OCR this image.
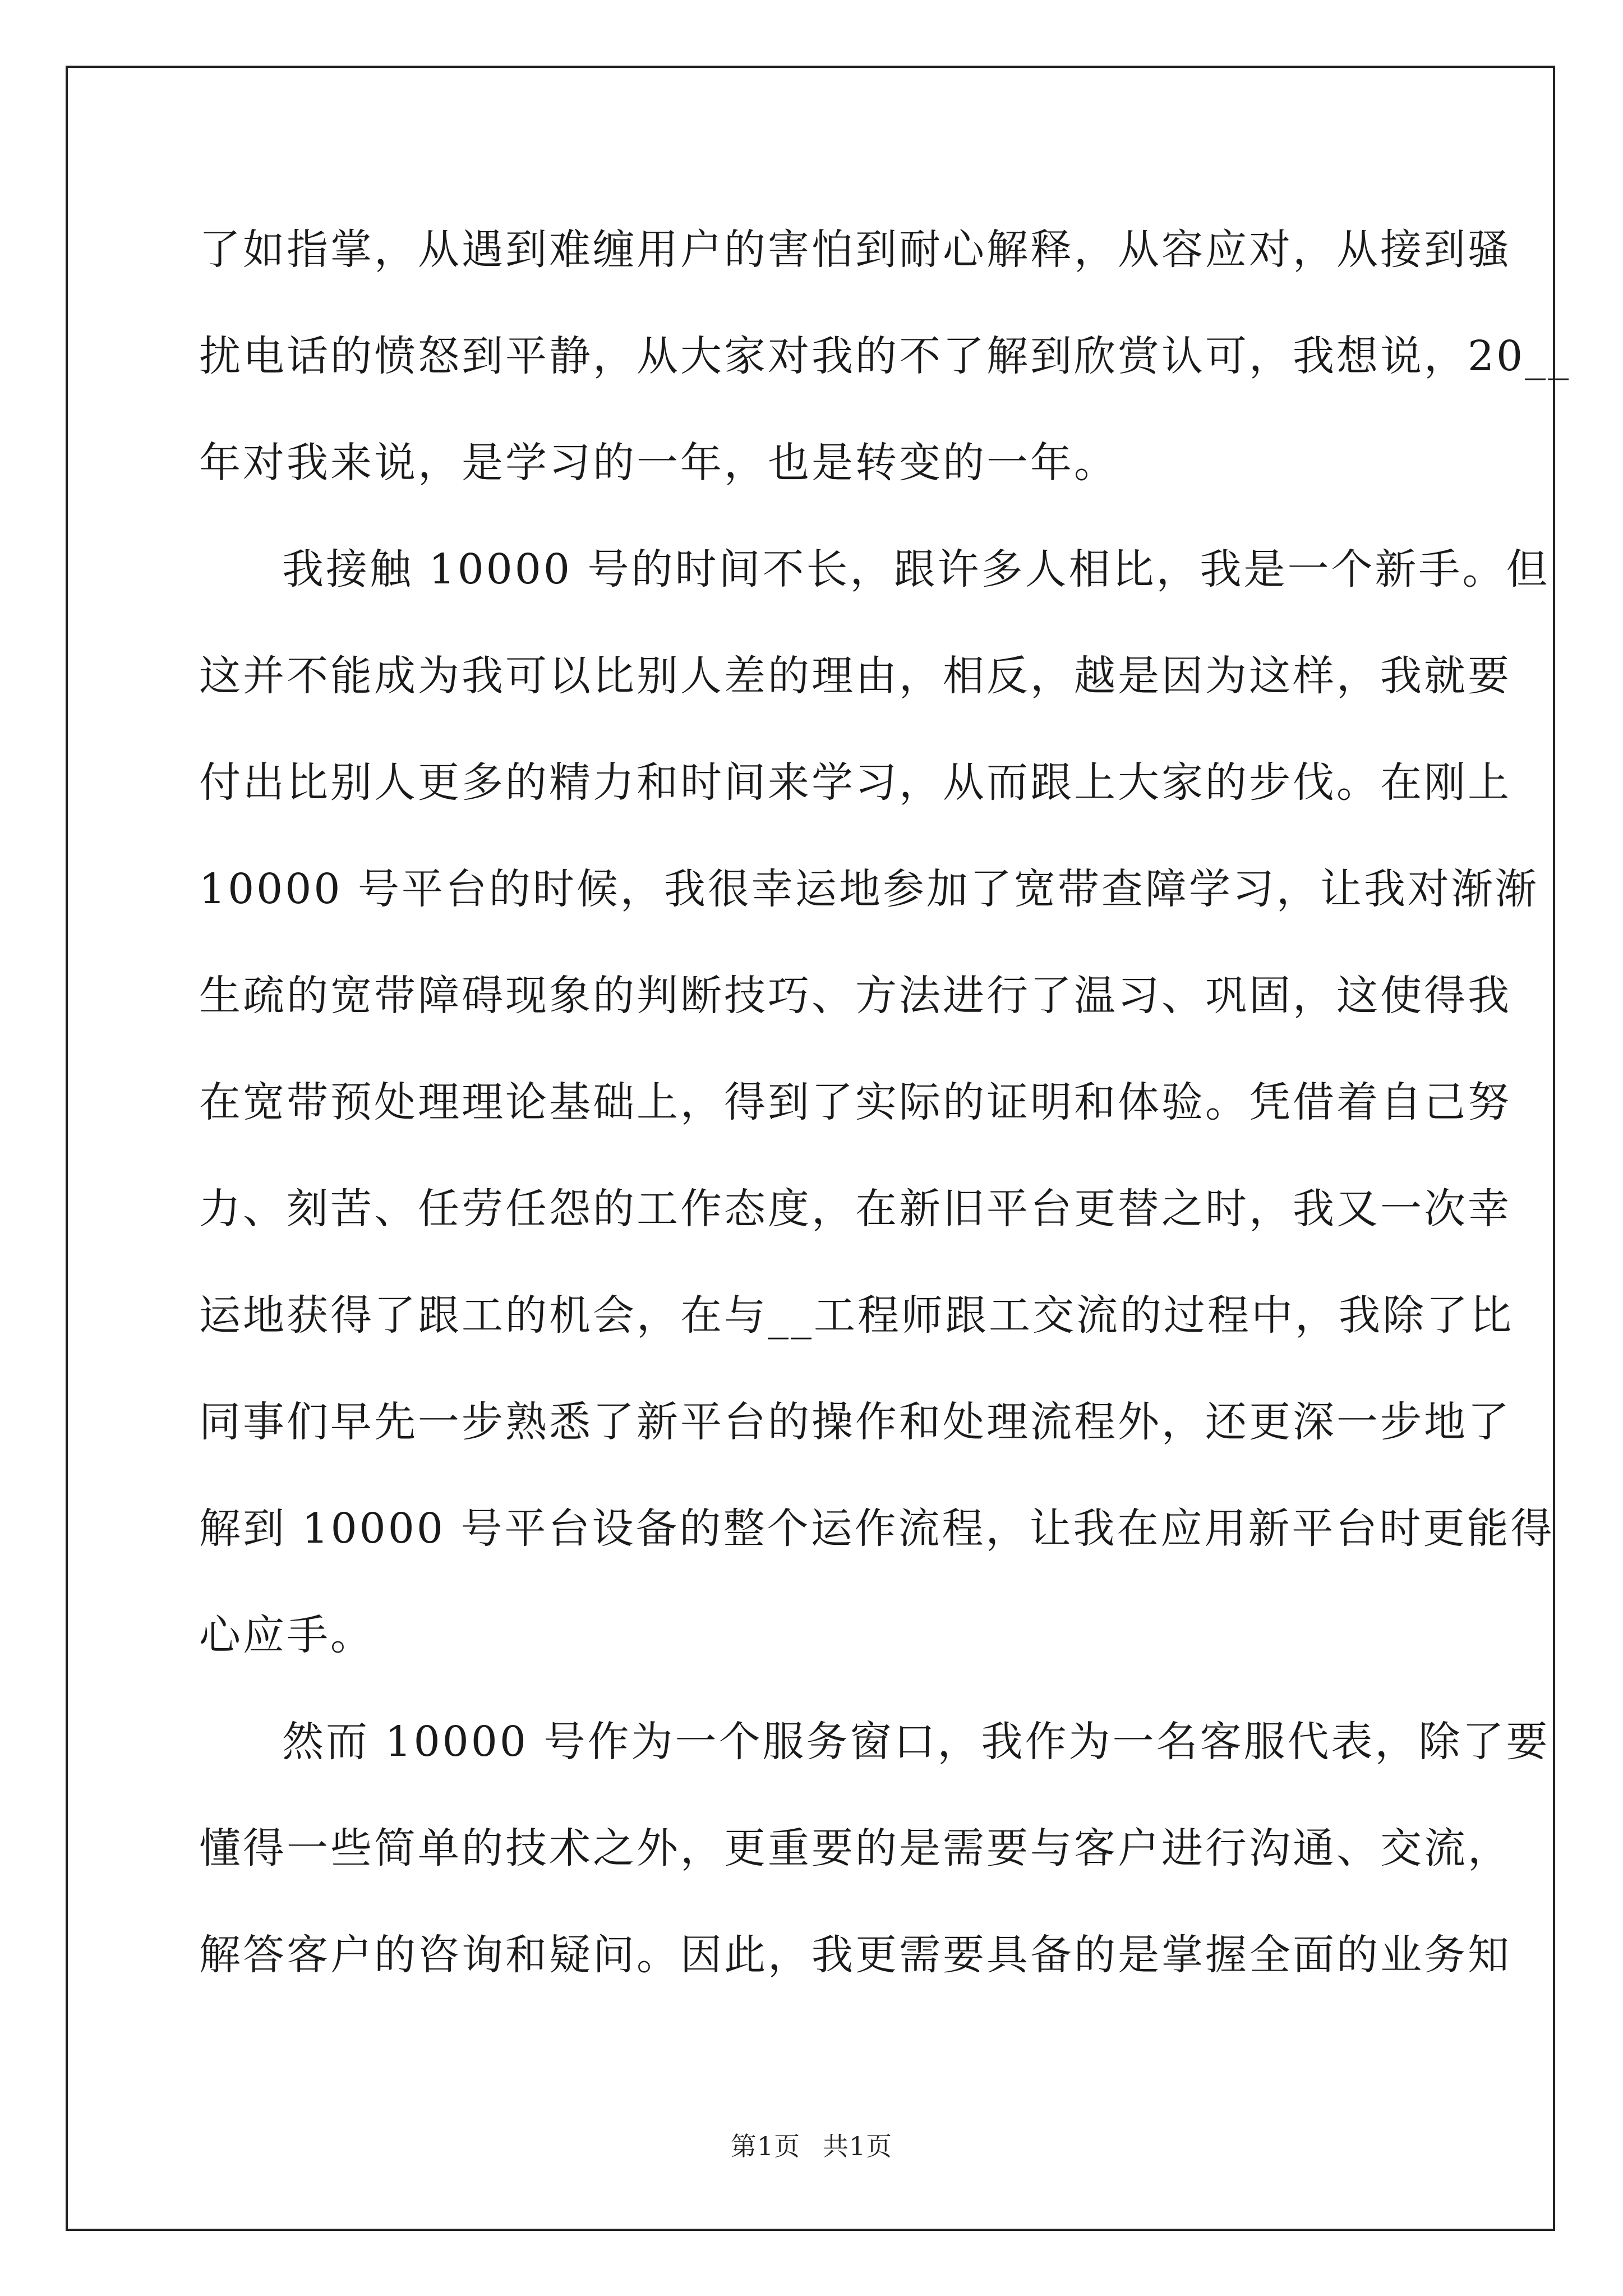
了如指掌，从遇到难缠用户的害怕到耐心解释，从容应对，从接到骚
扰电话的愤怒到平静，从大家对我的不了解到欣赏认可，我想说，20__
年对我来说，是学习的一年，也是转变的一年。
我接触 10000 号的时间不长，跟许多人相比，我是一个新手。但
这并不能成为我可以比别人差的理由，相反，越是因为这样，我就要
付出比别人更多的精力和时间来学习，从而跟上大家的步伐。在刚上
10000 号平台的时候，我很幸运地参加了宽带查障学习，让我对渐渐
生疏的宽带障碍现象的判断技巧、方法进行了温习、巩固，这使得我
在宽带预处理理论基础上，得到了实际的证明和体验。凭借着自己努
力、刻苦、任劳任怨的工作态度，在新旧平台更替之时，我又一次幸
运地获得了跟工的机会，在与__工程师跟工交流的过程中，我除了比
同事们早先一步熟悉了新平台的操作和处理流程外，还更深一步地了
解到 10000 号平台设备的整个运作流程，让我在应用新平台时更能得
心应手。
然而 10000 号作为一个服务窗口，我作为一名客服代表，除了要
懂得一些简单的技术之外，更重要的是需要与客户进行沟通、交流，
解答客户的咨询和疑问。因此，我更需要具备的是掌握全面的业务知
第1页 共1页
